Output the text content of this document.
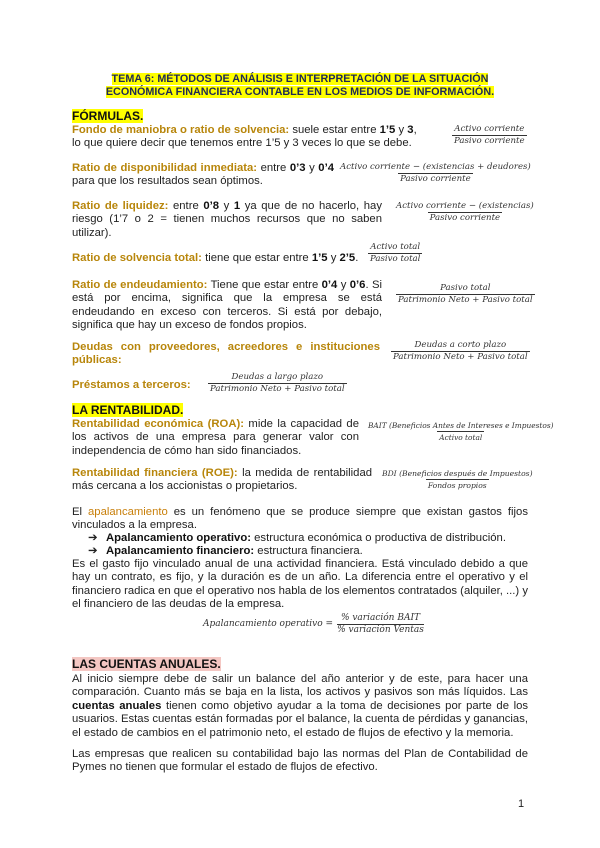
TEMA 6: MÉTODOS DE ANÁLISIS E INTERPRETACIÓN DE LA SITUACIÓN
ECONÓMICA FINANCIERA CONTABLE EN LOS MEDIOS DE INFORMACIÓN.
FÓRMULAS.
Fondo de maniobra o ratio de solvencia: suele estar entre 1’5 y 3, lo que quiere decir que tenemos entre 1’5 y 3 veces lo que se debe.
Activo corriente
Pasivo corriente
Ratio de disponibilidad inmediata: entre 0’3 y 0’4 para que los resultados sean óptimos.
Activo corriente − (existencias + deudores)
Pasivo corriente
Ratio de liquidez: entre 0’8 y 1 ya que de no hacerlo, hay riesgo (1’7 o 2 = tienen muchos recursos que no saben utilizar).
Activo corriente − (existencias)
Pasivo corriente
Ratio de solvencia total: tiene que estar entre 1’5 y 2’5.
Activo total
Pasivo total
Ratio de endeudamiento: Tiene que estar entre 0’4 y 0’6. Si está por encima, significa que la empresa se está endeudando en exceso con terceros. Si está por debajo, significa que hay un exceso de fondos propios.
Pasivo total
Patrimonio Neto + Pasivo total
Deudas con proveedores, acreedores e instituciones públicas:
Deudas a corto plazo
Patrimonio Neto + Pasivo total
Préstamos a terceros:
Deudas a largo plazo
Patrimonio Neto + Pasivo total
LA RENTABILIDAD.
Rentabilidad económica (ROA): mide la capacidad de los activos de una empresa para generar valor con independencia de cómo han sido financiados.
BAIT (Beneficios Antes de Intereses e Impuestos)
Activo total
Rentabilidad financiera (ROE): la medida de rentabilidad más cercana a los accionistas o propietarios.
BDI (Beneficios después de Impuestos)
Fondos propios
El apalancamiento es un fenómeno que se produce siempre que existan gastos fijos vinculados a la empresa.
➔ Apalancamiento operativo: estructura económica o productiva de distribución.
➔ Apalancamiento financiero: estructura financiera.
Es el gasto fijo vinculado anual de una actividad financiera. Está vinculado debido a que hay un contrato, es fijo, y la duración es de un año. La diferencia entre el operativo y el financiero radica en que el operativo nos habla de los elementos contratados (alquiler, ...) y el financiero de las deudas de la empresa.
Apalancamiento operativo = $\frac{\text{\% variación BAIT}}{\text{\% variación Ventas}}$
LAS CUENTAS ANUALES.
Al inicio siempre debe de salir un balance del año anterior y de este, para hacer una comparación. Cuanto más se baja en la lista, los activos y pasivos son más líquidos. Las cuentas anuales tienen como objetivo ayudar a la toma de decisiones por parte de los usuarios. Estas cuentas están formadas por el balance, la cuenta de pérdidas y ganancias, el estado de cambios en el patrimonio neto, el estado de flujos de efectivo y la memoria.
Las empresas que realicen su contabilidad bajo las normas del Plan de Contabilidad de Pymes no tienen que formular el estado de flujos de efectivo.
1
